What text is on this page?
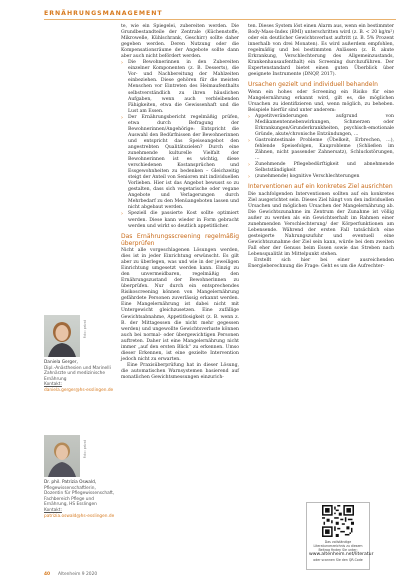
ERNÄHRUNGSMANAGEMENT

te, wie ein Spiegelei, zubereiten werden. Die Grundbestandteile der Zentrale (Küchenstoffe, Mikrowelle, Kühlschrank, Geschirr) sollte daher gegeben werden. Deren Nutzung oder die Kompensationsräume der Angebote sollte dann aber auch nicht befördert werden.

› Die Bewohnerinnen in den Zubereiten einzelner Komponenten (z. B. Desserts), die Vor- und Nachbereitung der Mahlzeiten einbeziehen. Diese gehören für die meisten Menschen vor Eintreten des Heimaufenthalts selbstverständlich zu ihren häuslichen Aufgaben, wenn auch verbleibenden Fähigkeiten, etwa die Gewissenhaft und die Lust am Essen.

› Der Ernährungsbericht regelmäßig prüfen, etwa durch Befragung der Bewohnerinnen/Angehörige: Entspricht die Auswahl den Bedürfnissen der Bewohnerinnen und entspricht das Speiseangebot den angestrebten Qualitätszielen? Durch eine zunehmende kulturelle Vielfalt der Bewohnerinnen ist es wichtig, diese verschiedenen Kostansprüchen und Essgewohnheiten zu bedenken – Gleichzeitig steigt der Anteil von Senioren mit individuellen Vorlieben. Hier ist das Angebot bewusst so zu gestalten, dass sich vegetarische oder vegane Angebote und Verlagerungen durch Mehrbedarf zu den Menüangeboten lassen und nicht abgebaut werden.

› Speziell die passierte Kost sollte optimiert werden. Diese kann wieder in Form gebracht werden und wirkt so deutlich appetitlicher.

Das Ernährungsscreening regelmäßig überprüfen

Nicht alle vorgeschlagenen Lösungen werden, dies ist in jeder Einrichtung erwünscht. Es gilt aber zu überlegen, was und wie in der jeweiligen Einrichtung umgesetzt werden kann. Einzig zu den unvermeidbaren, regelmäßig den Ernährungszustand der Bewohnerinnen zu überprüfen. Nur durch ein entsprechendes Risikoscreening können von Mangelernährung gefährdete Personen zuverlässig erkannt werden. Eine Mangelernährung ist dabei nicht mit Untergewicht gleichzusetzen. Eine zufällige Gewichtsabnahme, Appetitlosigkeit (z. B. wenn z. B. der Mittagessen die nicht mehr gegessen werden) und ungewollte Gewichtsverluste können auch bei normal- oder übergewichtigen Personen auftreten. Daher ist eine Mangelernährung nicht immer „auf den ersten Blick“ zu erkennen. Umso dieser Erkennen, ist eine gezielte Intervention jedoch nicht zu erwarten.

Eine Praxisüberprüfung hat in dieser Lösung, die automatischen Warnsystemen basierend auf monatlichen Gewichtsmessungen einzurich-

ten. Dieses System löst einen Alarm aus, wenn ein bestimmter Body-Mass-Index (BMI) unterschritten wird (z. B. < 20 kg/m²) oder ein deutlicher Gewichtsverlust auftritt (z. B. 5% Prozent innerhalb von drei Monaten). Es wird außerdem empfohlen, regelmäßig und bei bestimmten Anlässen (z. B. akute Erkrankung, Verschlechterung des Allgemeinzustands, Krankenhausaufenthalt) ein Screening durchzuführen. Der Expertenstandard bietet einen guten Überblick über geeignete Instrumente (DNQP, 2017).

Ursachen gezielt und individuell behandeln

Wenn ein hohes oder Screening ein Risiko für eine Mangelernährung erkannt wird, gilt es, die möglichen Ursachen zu identifizieren und, wenn möglich, zu beheben. Beispiele hierfür sind unter anderem:

› Appetitveränderungen aufgrund von Medikamentennebenwirkungen, Schmerzen oder Erkrankungen/Grunderkrankheiten, psychisch-emotionale Gründe, akute/chronische Entzündungen, …

› Gastrointestinale Probleme (Übelkeit, Erbrechen, …), fehlende Speisefolgen, Kauprobleme (Schließen im Zähnen, nicht passender Zahnersatz), Schluckstörungen, …

› Zunehmende Pflegebedürftigkeit und abnehmende Selbstständigkeit

› (zunehmende) kognitive Verschlechterungen

Interventionen auf ein konkretes Ziel ausrichten

Die nachfolgenden Interventionen sollten auf ein konkretes Ziel ausgerichtet sein. Dieses Ziel hängt von den individuellen Ursachen und möglichen Ursachen der Mangelernährung ab. Die Gewichtszunahme im Zentrum der Zunahme ist völlig außer zu werden als ein Gewichtserhalt im Rahmen einer zunehmenden Verschlechterung/ der Körperfunktionen am Lebensende. Während der ersten Fall tatsächlich eine gesteigerte Nahrungszufuhr und eventuell eine Gewichtszunahme der Ziel sein kann, würde bei dem zweiten Fall eher der Genuss beim Essen sowie das Streben nach Lebensqualität im Mittelpunkt stehen.

Erstellt sich hier bei einer ausreichenden Energieberechnung die Frage: Geht es um die Aufrechter-

Foto: privat
Daniela Gerger,
Dipl.-Anästhesien und Marinelli Zahnärzte und medizinische Ernährung
Kontakt:
daniela.gerger@hs-esslingen.de
Foto: privat
Dr. phil. Patrizia Oswald,
Pflegewissenschaftlerin, Dozentin für Pflegewissenschaft, Fachbereich Pflege und Ernährung, HS Esslingen
Kontakt:
patrizia.oswald@hs-esslingen.de
Das vollständige Literaturverzeichnis zu diesem Beitrag finden Sie unter:
www.altenheim.net/literatur
oder scannen Sie den QR-Code
40 Altenheim 9 2020
